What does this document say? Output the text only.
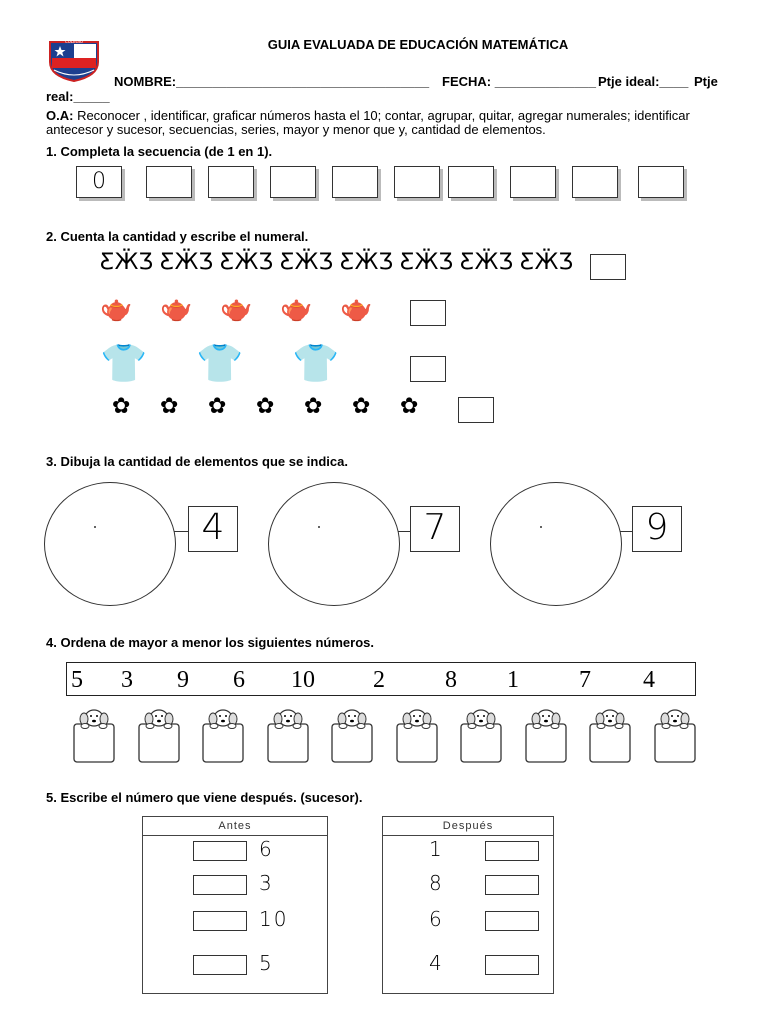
COLEGIO	GUIA EVALUADA DE EDUCACIÓN MATEMÁTICA
NOMBRE:___________________________________ FECHA: ______________ Ptje ideal:____ Ptje
real:_____
O.A: Reconocer , identificar, graficar números hasta el 10; contar, agrupar, quitar, agregar numerales; identificar
antecesor y sucesor, secuencias, series, mayor y menor que y, cantidad de elementos.
1. Completa la secuencia (de 1 en 1).
0
2. Cuenta la cantidad y escribe el numeral.
ƸӜƷ ƸӜƷ ƸӜƷ ƸӜƷ ƸӜƷ ƸӜƷ ƸӜƷ ƸӜƷ
🫖 🫖 🫖 🫖 🫖
👕 👕 👕
✿ ✿ ✿ ✿ ✿ ✿ ✿
3. Dibuja la cantidad de elementos que se indica.
4	7	9
4. Ordena de mayor a menor los siguientes números.
5 3 9 6 10 2	8 1	7 4
5. Escribe el número que viene después. (sucesor).
Antes
6
3
10
5
Después
1
8
6
4
